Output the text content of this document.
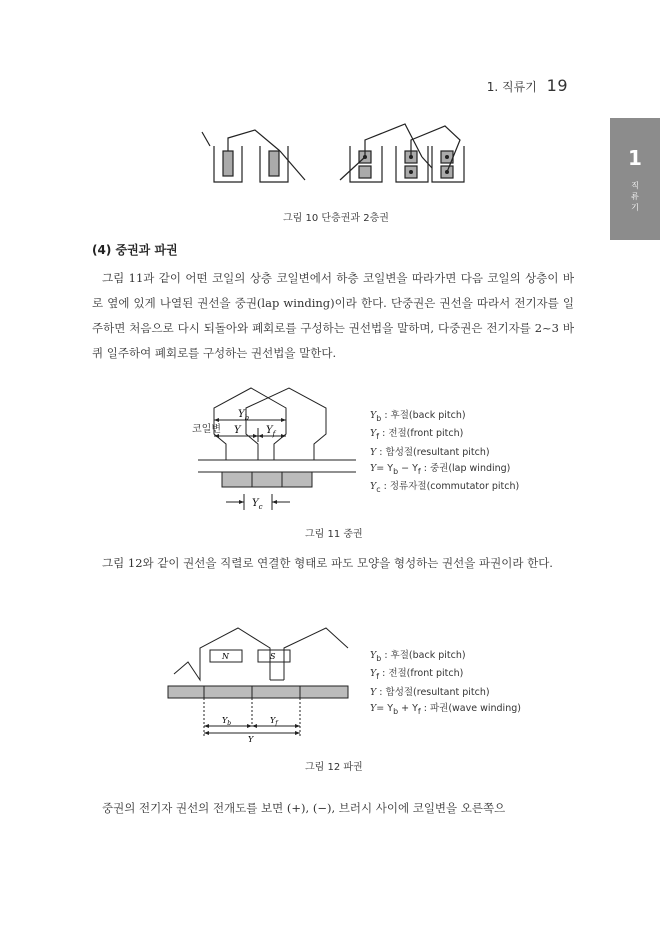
1. 직류기 19
1
직
류
기
그림 10 단층권과 2층권
(4) 중권과 파권
그림 11과 같이 어떤 코일의 상층 코일변에서 하층 코일변을 따라가면 다음 코일의 상층이 바로 옆에 있게 나열된 권선을 중권(lap winding)이라 한다. 단중권은 권선을 따라서 전기자를 일주하면 처음으로 다시 되돌아와 폐회로를 구성하는 권선법을 말하며, 다중권은 전기자를 2~3 바퀴 일주하여 폐회로를 구성하는 권선법을 말한다.
$Y_b$
Y	$Y_f$
$Y_c$
코일변
$Y_b$ : 후절(back pitch)
$Y_f$ : 전절(front pitch)
Y : 합성절(resultant pitch)
$Y= Y_b - Y_f$ : 중권(lap winding)
$Y_c$ : 정류자절(commutator pitch)
그림 11 중권
그림 12와 같이 권선을 직렬로 연결한 형태로 파도 모양을 형성하는 권선을 파권이라 한다.
N	S
$Y_b$	$Y_f$
Y
$Y_b$ : 후절(back pitch)
$Y_f$ : 전절(front pitch)
Y : 합성절(resultant pitch)
$Y= Y_b + Y_f$ : 파권(wave winding)
그림 12 파권
중권의 전기자 권선의 전개도를 보면 (+), (−), 브러시 사이에 코일변을 오른쪽으
